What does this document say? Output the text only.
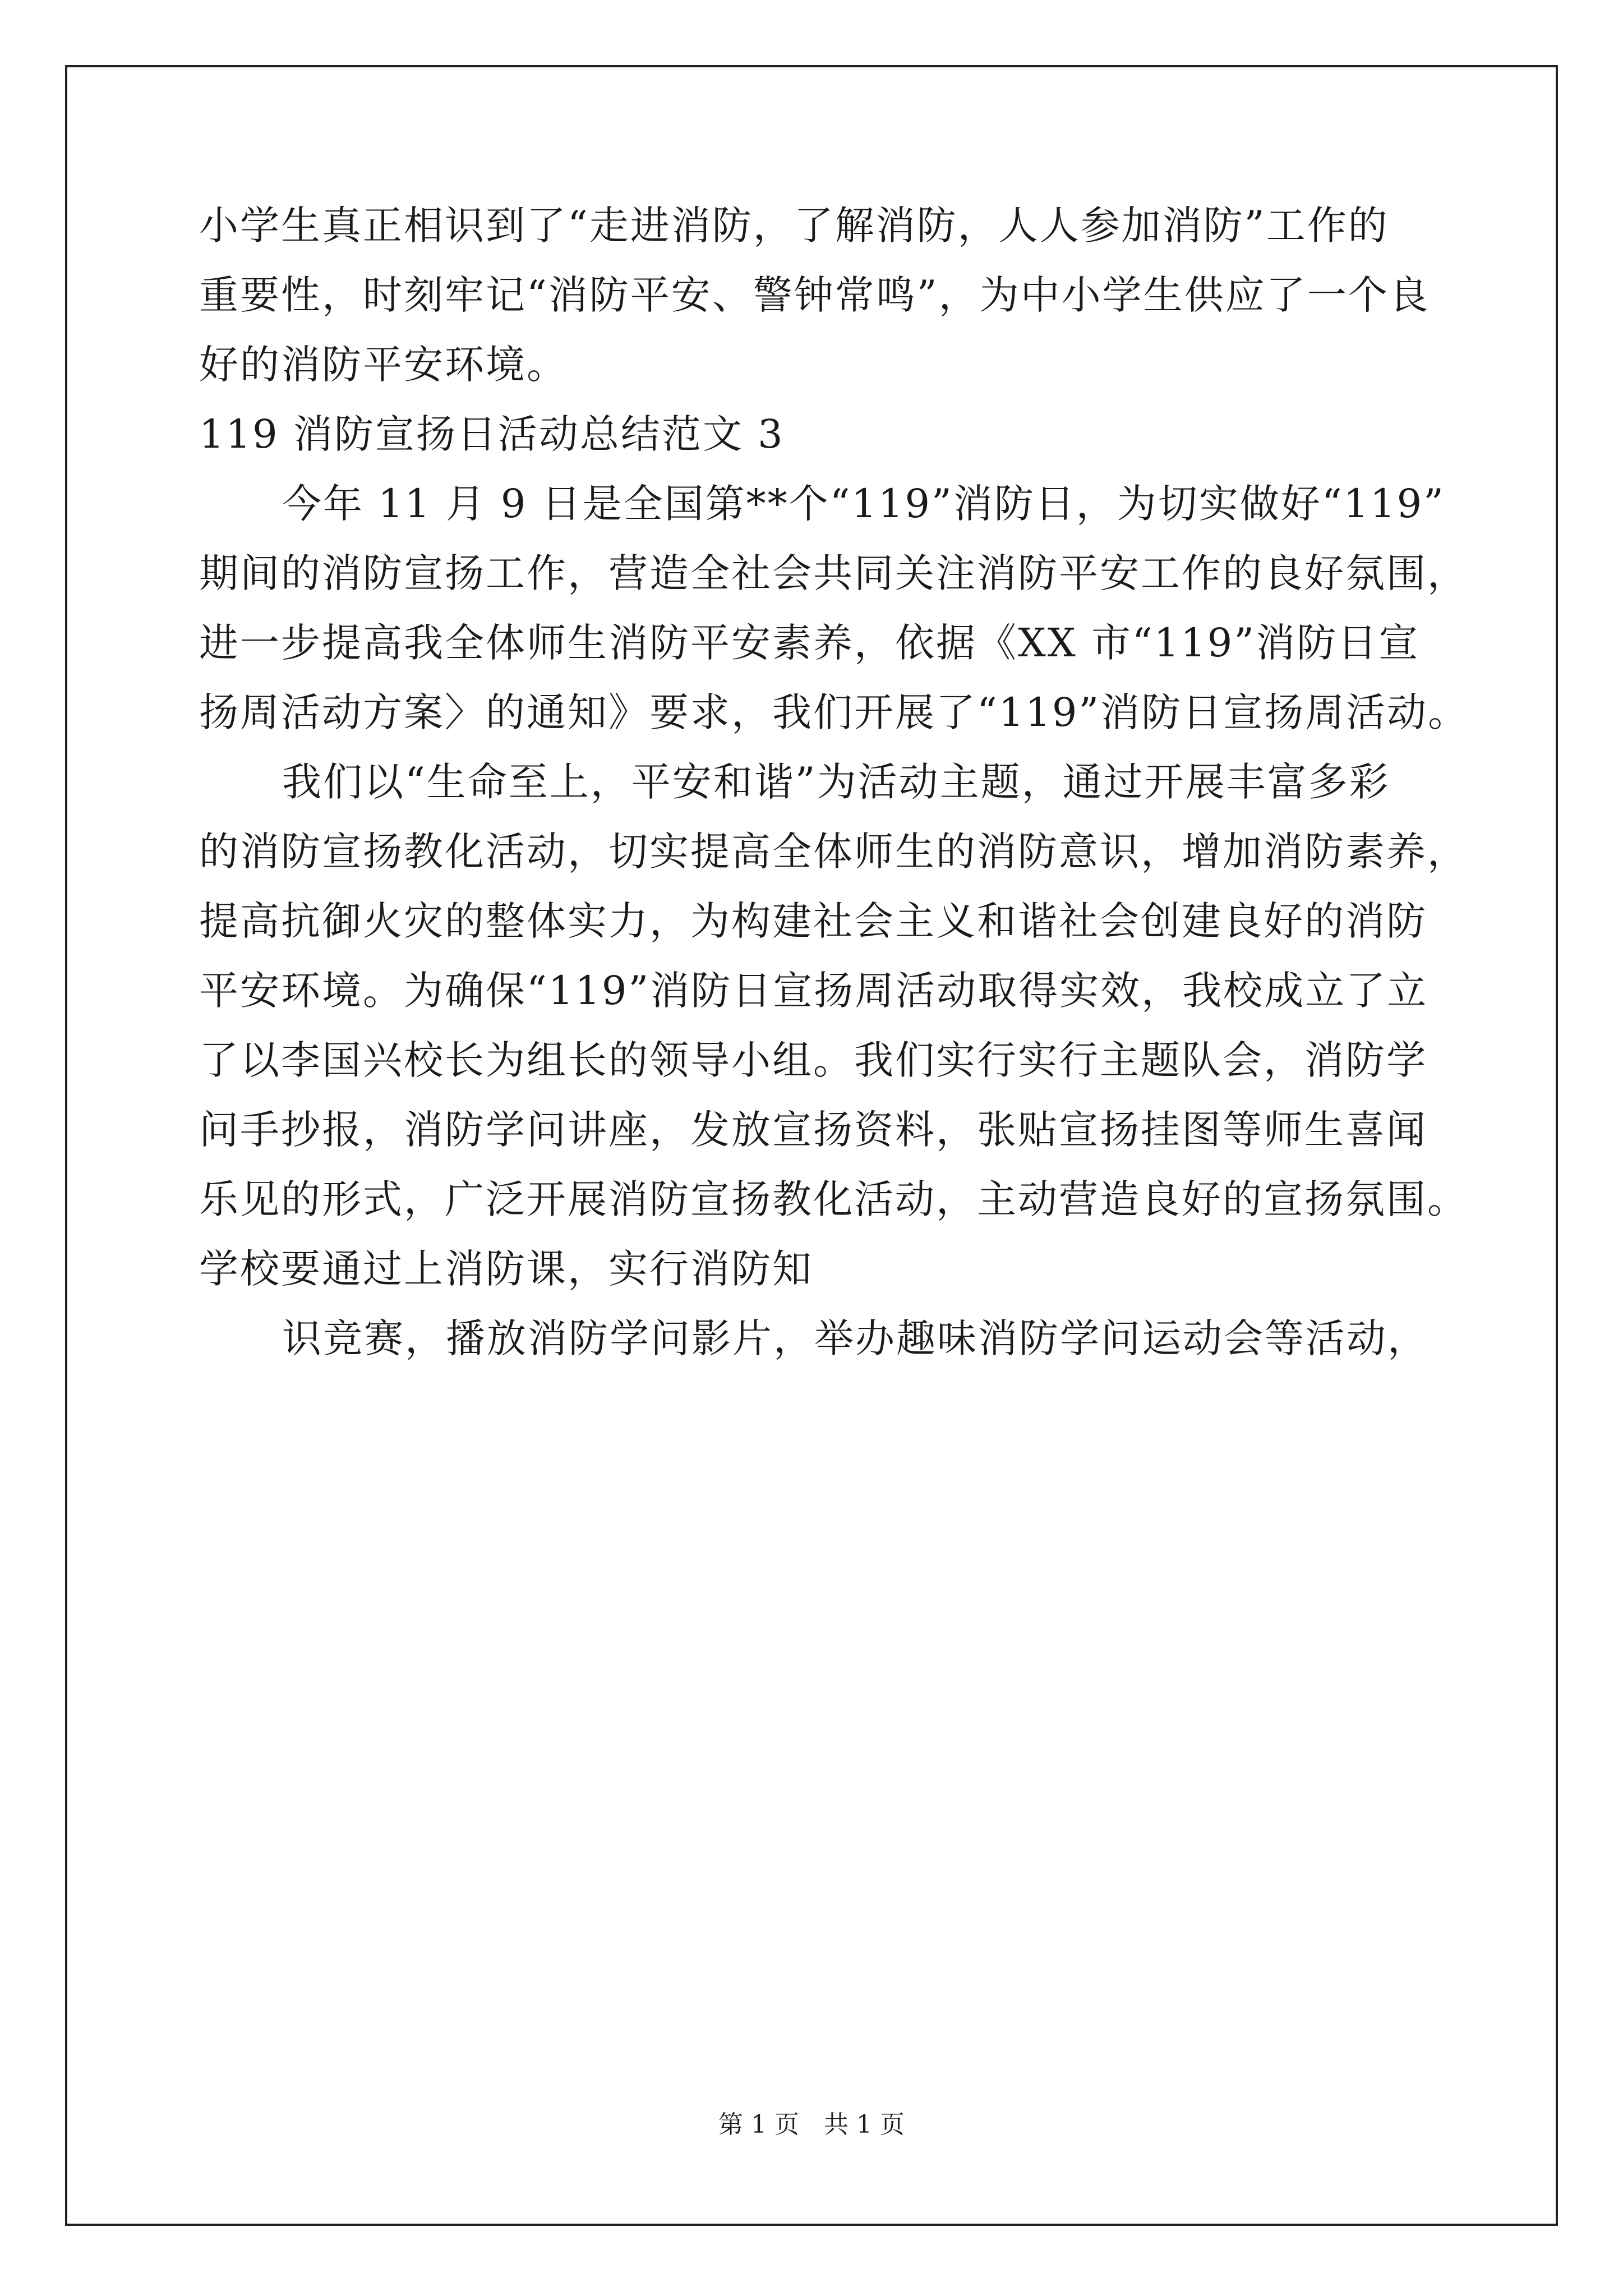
小学生真正相识到了“走进消防，了解消防，人人参加消防”工作的
重要性，时刻牢记“消防平安、警钟常鸣”，为中小学生供应了一个良
好的消防平安环境。
119 消防宣扬日活动总结范文 3
今年 11 月 9 日是全国第**个“119”消防日，为切实做好“119”
期间的消防宣扬工作，营造全社会共同关注消防平安工作的良好氛围，
进一步提高我全体师生消防平安素养，依据《XX 市“119”消防日宣
扬周活动方案〉的通知》要求，我们开展了“119”消防日宣扬周活动。
我们以“生命至上，平安和谐”为活动主题，通过开展丰富多彩
的消防宣扬教化活动，切实提高全体师生的消防意识，增加消防素养，
提高抗御火灾的整体实力，为构建社会主义和谐社会创建良好的消防
平安环境。为确保“119”消防日宣扬周活动取得实效，我校成立了立
了以李国兴校长为组长的领导小组。我们实行实行主题队会，消防学
问手抄报，消防学问讲座，发放宣扬资料，张贴宣扬挂图等师生喜闻
乐见的形式，广泛开展消防宣扬教化活动，主动营造良好的宣扬氛围。
学校要通过上消防课，实行消防知
识竞赛，播放消防学问影片，举办趣味消防学问运动会等活动，
第 1 页　共 1 页
